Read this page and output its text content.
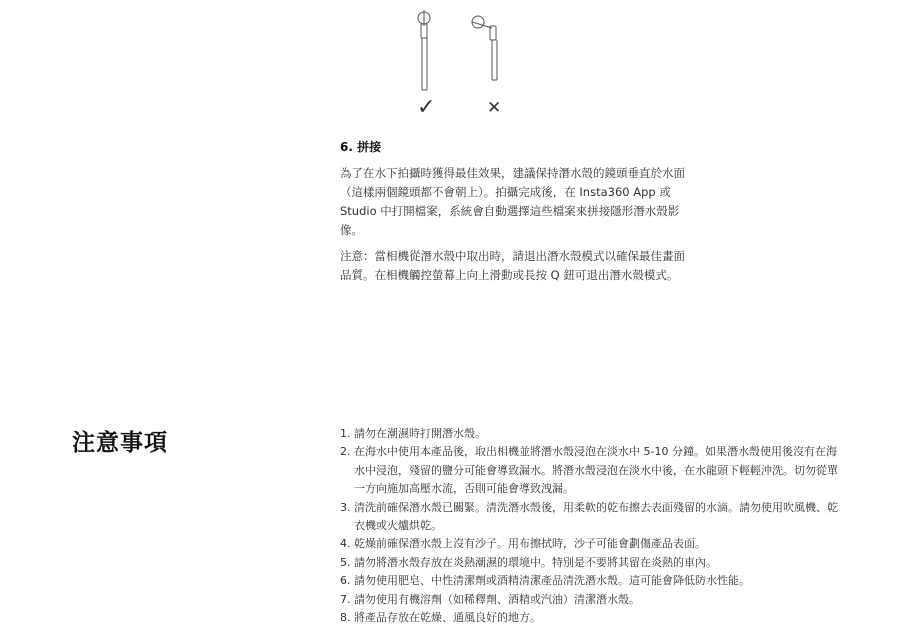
✓	✕
6. 拼接

為了在水下拍攝時獲得最佳效果，建議保持潛水殼的鏡頭垂直於水面（這樣兩個鏡頭都不會朝上）。拍攝完成後，在 Insta360 App 或 Studio 中打開檔案，系統會自動選擇這些檔案來拼接隱形潛水殼影像。

注意：當相機從潛水殼中取出時，請退出潛水殼模式以確保最佳畫面品質。在相機觸控螢幕上向上滑動或長按 Q 鈕可退出潛水殼模式。

注意事項	1. 請勿在潮濕時打開潛水殼。
2. 在海水中使用本產品後，取出相機並將潛水殼浸泡在淡水中 5-10 分鐘。如果潛水殼使用後沒有在海水中浸泡，殘留的鹽分可能會導致漏水。將潛水殼浸泡在淡水中後，在水龍頭下輕輕沖洗。切勿從單一方向施加高壓水流，否則可能會導致洩漏。
3. 清洗前確保潛水殼已關緊。清洗潛水殼後，用柔軟的乾布擦去表面殘留的水滴。請勿使用吹風機、乾衣機或火爐烘乾。
4. 乾燥前確保潛水殼上沒有沙子。用布擦拭時，沙子可能會劃傷產品表面。
5. 請勿將潛水殼存放在炎熱潮濕的環境中。特別是不要將其留在炎熱的車內。
6. 請勿使用肥皂、中性清潔劑或酒精清潔產品清洗潛水殼。這可能會降低防水性能。
7. 請勿使用有機溶劑（如稀釋劑、酒精或汽油）清潔潛水殼。
8. 將產品存放在乾燥、通風良好的地方。
